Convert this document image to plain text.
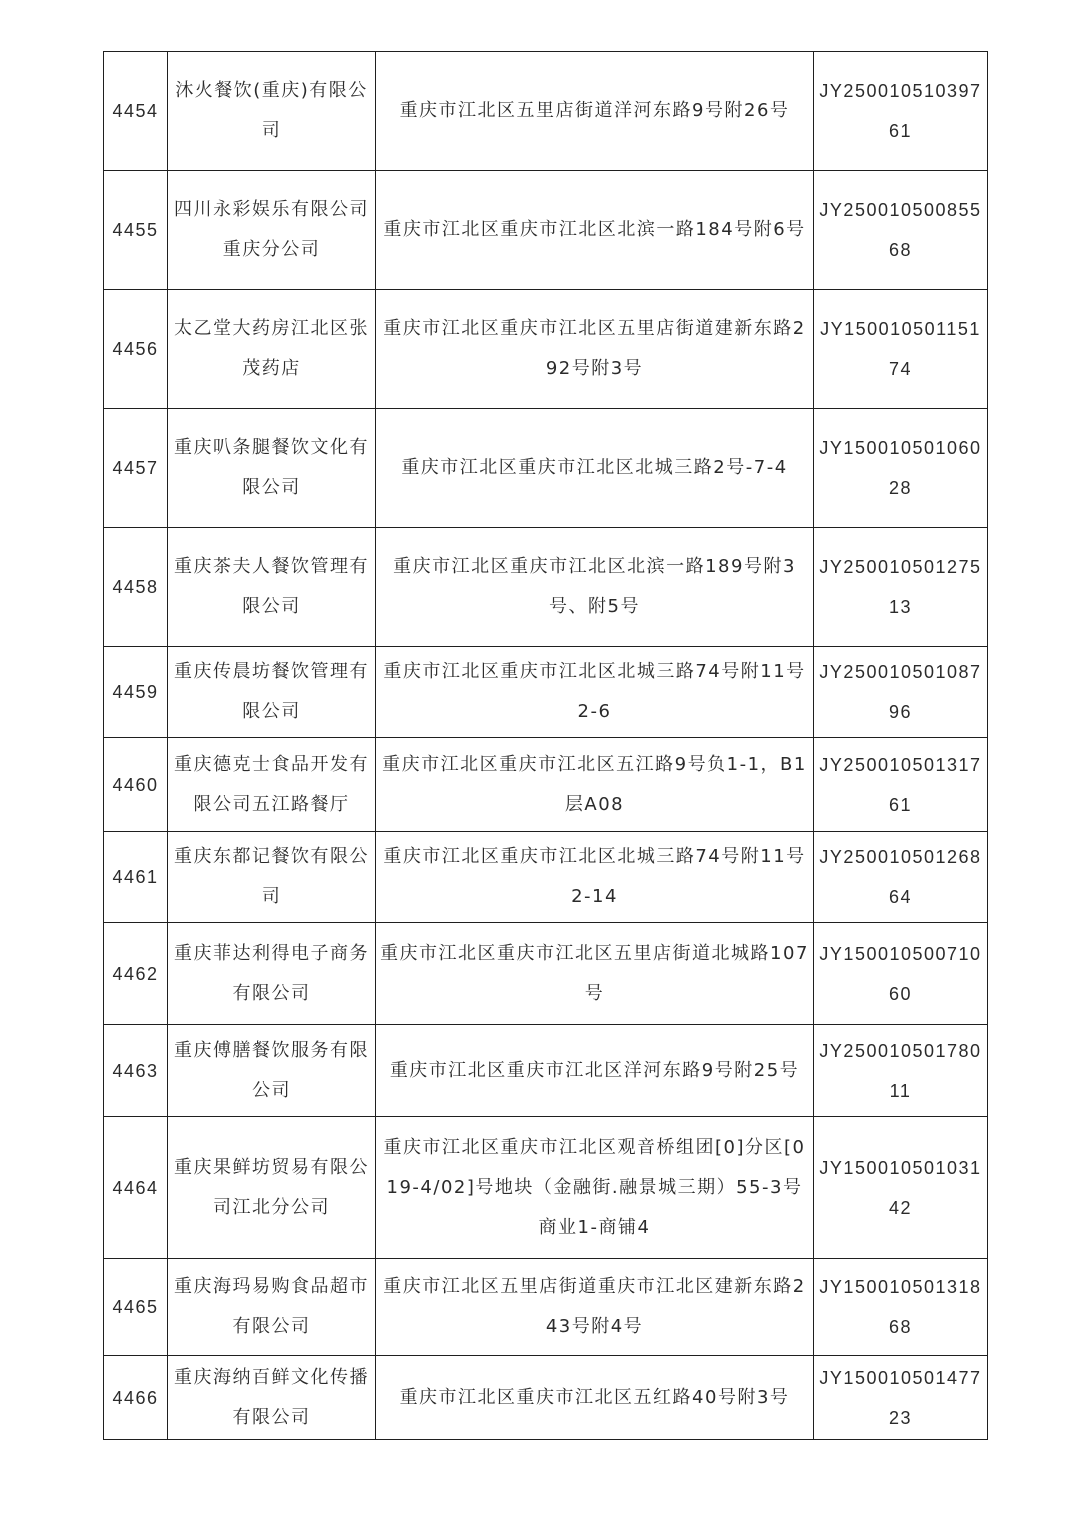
4454	沐火餐饮(重庆)有限公司	重庆市江北区五里店街道洋河东路9号附26号	JY25001051039761
4455	四川永彩娱乐有限公司重庆分公司	重庆市江北区重庆市江北区北滨一路184号附6号	JY25001050085568
4456	太乙堂大药房江北区张茂药店	重庆市江北区重庆市江北区五里店街道建新东路292号附3号	JY15001050115174
4457	重庆叭条腿餐饮文化有限公司	重庆市江北区重庆市江北区北城三路2号-7-4	JY15001050106028
4458	重庆茶夫人餐饮管理有限公司	重庆市江北区重庆市江北区北滨一路189号附3号、附5号	JY25001050127513
4459	重庆传晨坊餐饮管理有限公司	重庆市江北区重庆市江北区北城三路74号附11号2-6	JY25001050108796
4460	重庆德克士食品开发有限公司五江路餐厅	重庆市江北区重庆市江北区五江路9号负1-1，B1层A08	JY25001050131761
4461	重庆东都记餐饮有限公司	重庆市江北区重庆市江北区北城三路74号附11号2-14	JY25001050126864
4462	重庆菲达利得电子商务有限公司	重庆市江北区重庆市江北区五里店街道北城路107号	JY15001050071060
4463	重庆傅膳餐饮服务有限公司	重庆市江北区重庆市江北区洋河东路9号附25号	JY25001050178011
4464	重庆果鲜坊贸易有限公司江北分公司	重庆市江北区重庆市江北区观音桥组团[0]分区[019-4/02]号地块（金融街.融景城三期）55-3号商业1-商铺4	JY15001050103142
4465	重庆海玛易购食品超市有限公司	重庆市江北区五里店街道重庆市江北区建新东路243号附4号	JY15001050131868
4466	重庆海纳百鲜文化传播有限公司	重庆市江北区重庆市江北区五红路40号附3号	JY15001050147723
